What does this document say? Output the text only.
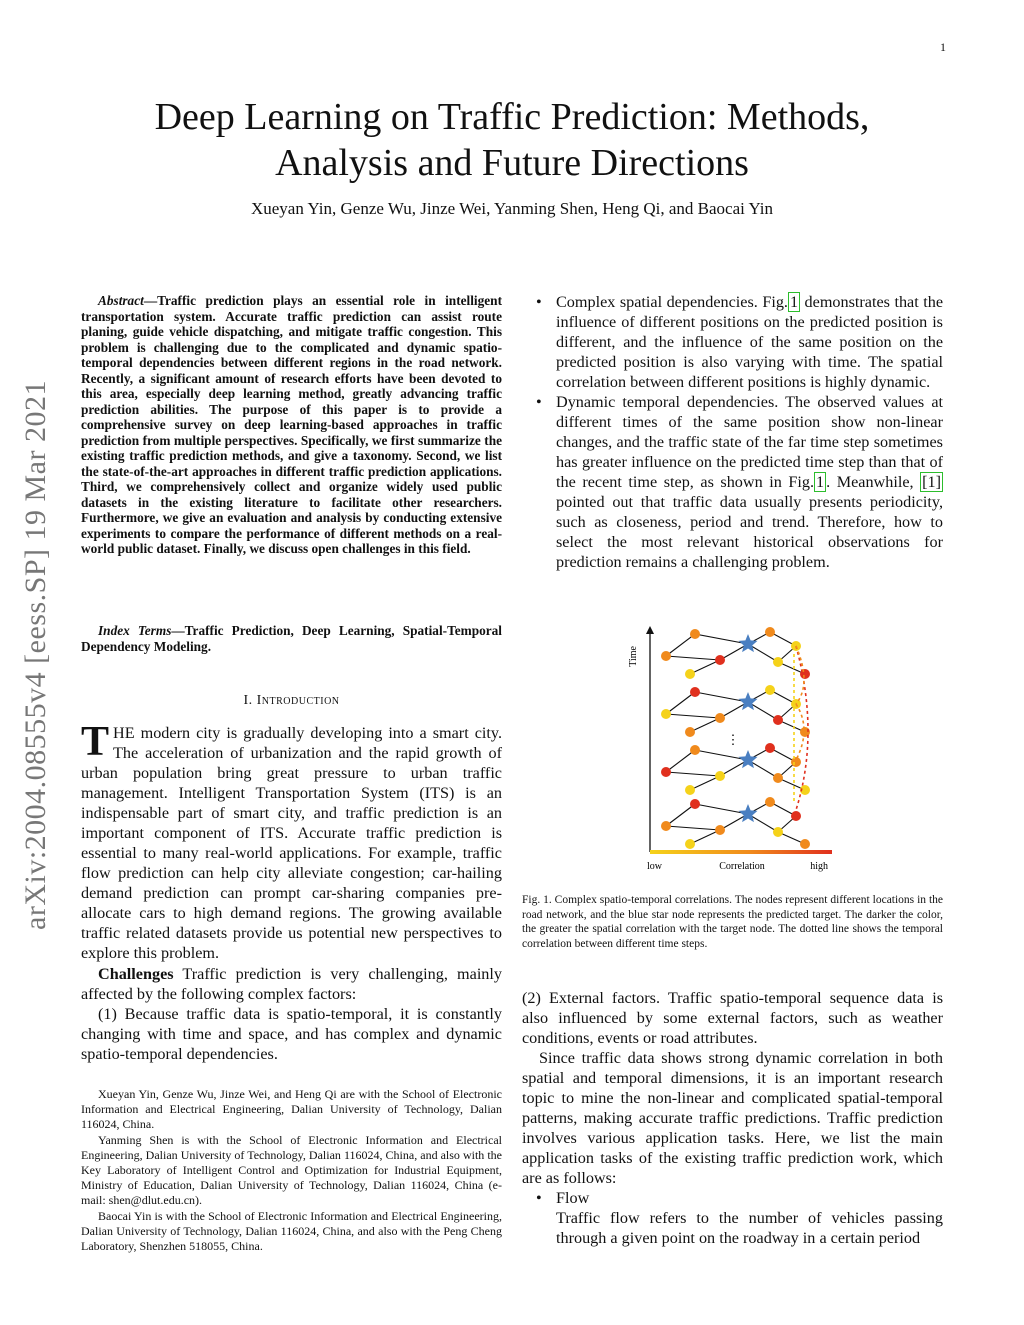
1
Deep Learning on Traffic Prediction: Methods,
Analysis and Future Directions
Xueyan Yin, Genze Wu, Jinze Wei, Yanming Shen, Heng Qi, and Baocai Yin
arXiv:2004.08555v4 [eess.SP] 19 Mar 2021
Abstract—Traffic prediction plays an essential role in intelligent transportation system. Accurate traffic prediction can assist route planing, guide vehicle dispatching, and mitigate traffic congestion. This problem is challenging due to the complicated and dynamic spatio-temporal dependencies between different regions in the road network. Recently, a significant amount of research efforts have been devoted to this area, especially deep learning method, greatly advancing traffic prediction abilities. The purpose of this paper is to provide a comprehensive survey on deep learning-based approaches in traffic prediction from multiple perspectives. Specifically, we first summarize the existing traffic prediction methods, and give a taxonomy. Second, we list the state-of-the-art approaches in different traffic prediction applications. Third, we comprehensively collect and organize widely used public datasets in the existing literature to facilitate other researchers. Furthermore, we give an evaluation and analysis by conducting extensive experiments to compare the performance of different methods on a real-world public dataset. Finally, we discuss open challenges in this field.
Index Terms—Traffic Prediction, Deep Learning, Spatial-Temporal Dependency Modeling.
I. Introduction
THE modern city is gradually developing into a smart city. The acceleration of urbanization and the rapid growth of urban population bring great pressure to urban traffic management. Intelligent Transportation System (ITS) is an indispensable part of smart city, and traffic prediction is an important component of ITS. Accurate traffic prediction is essential to many real-world applications. For example, traffic flow prediction can help city alleviate congestion; car-hailing demand prediction can prompt car-sharing companies pre-allocate cars to high demand regions. The growing available traffic related datasets provide us potential new perspectives to explore this problem.

Challenges Traffic prediction is very challenging, mainly affected by the following complex factors:

(1) Because traffic data is spatio-temporal, it is constantly changing with time and space, and has complex and dynamic spatio-temporal dependencies.

Xueyan Yin, Genze Wu, Jinze Wei, and Heng Qi are with the School of Electronic Information and Electrical Engineering, Dalian University of Technology, Dalian 116024, China.

Yanming Shen is with the School of Electronic Information and Electrical Engineering, Dalian University of Technology, Dalian 116024, China, and also with the Key Laboratory of Intelligent Control and Optimization for Industrial Equipment, Ministry of Education, Dalian University of Technology, Dalian 116024, China (e-mail: shen@dlut.edu.cn).

Baocai Yin is with the School of Electronic Information and Electrical Engineering, Dalian University of Technology, Dalian 116024, China, and also with the Peng Cheng Laboratory, Shenzhen 518055, China.

• Complex spatial dependencies. Fig. 1 demonstrates that the influence of different positions on the predicted position is different, and the influence of the same position on the predicted position is also varying with time. The spatial correlation between different positions is highly dynamic.

• Dynamic temporal dependencies. The observed values at different times of the same position show non-linear changes, and the traffic state of the far time step sometimes has greater influence on the predicted time step than that of the recent time step, as shown in Fig. 1 . Meanwhile, [1] pointed out that traffic data usually presents periodicity, such as closeness, period and trend. Therefore, how to select the most relevant historical observations for prediction remains a challenging problem.

Time
⋮
low	Correlation	high
Fig. 1. Complex spatio-temporal correlations. The nodes represent different locations in the road network, and the blue star node represents the predicted target. The darker the color, the greater the spatial correlation with the target node. The dotted line shows the temporal correlation between different time steps.

(2) External factors. Traffic spatio-temporal sequence data is also influenced by some external factors, such as weather conditions, events or road attributes.

Since traffic data shows strong dynamic correlation in both spatial and temporal dimensions, it is an important research topic to mine the non-linear and complicated spatial-temporal patterns, making accurate traffic predictions. Traffic prediction involves various application tasks. Here, we list the main application tasks of the existing traffic prediction work, which are as follows:

• Flow

Traffic flow refers to the number of vehicles passing through a given point on the roadway in a certain period
